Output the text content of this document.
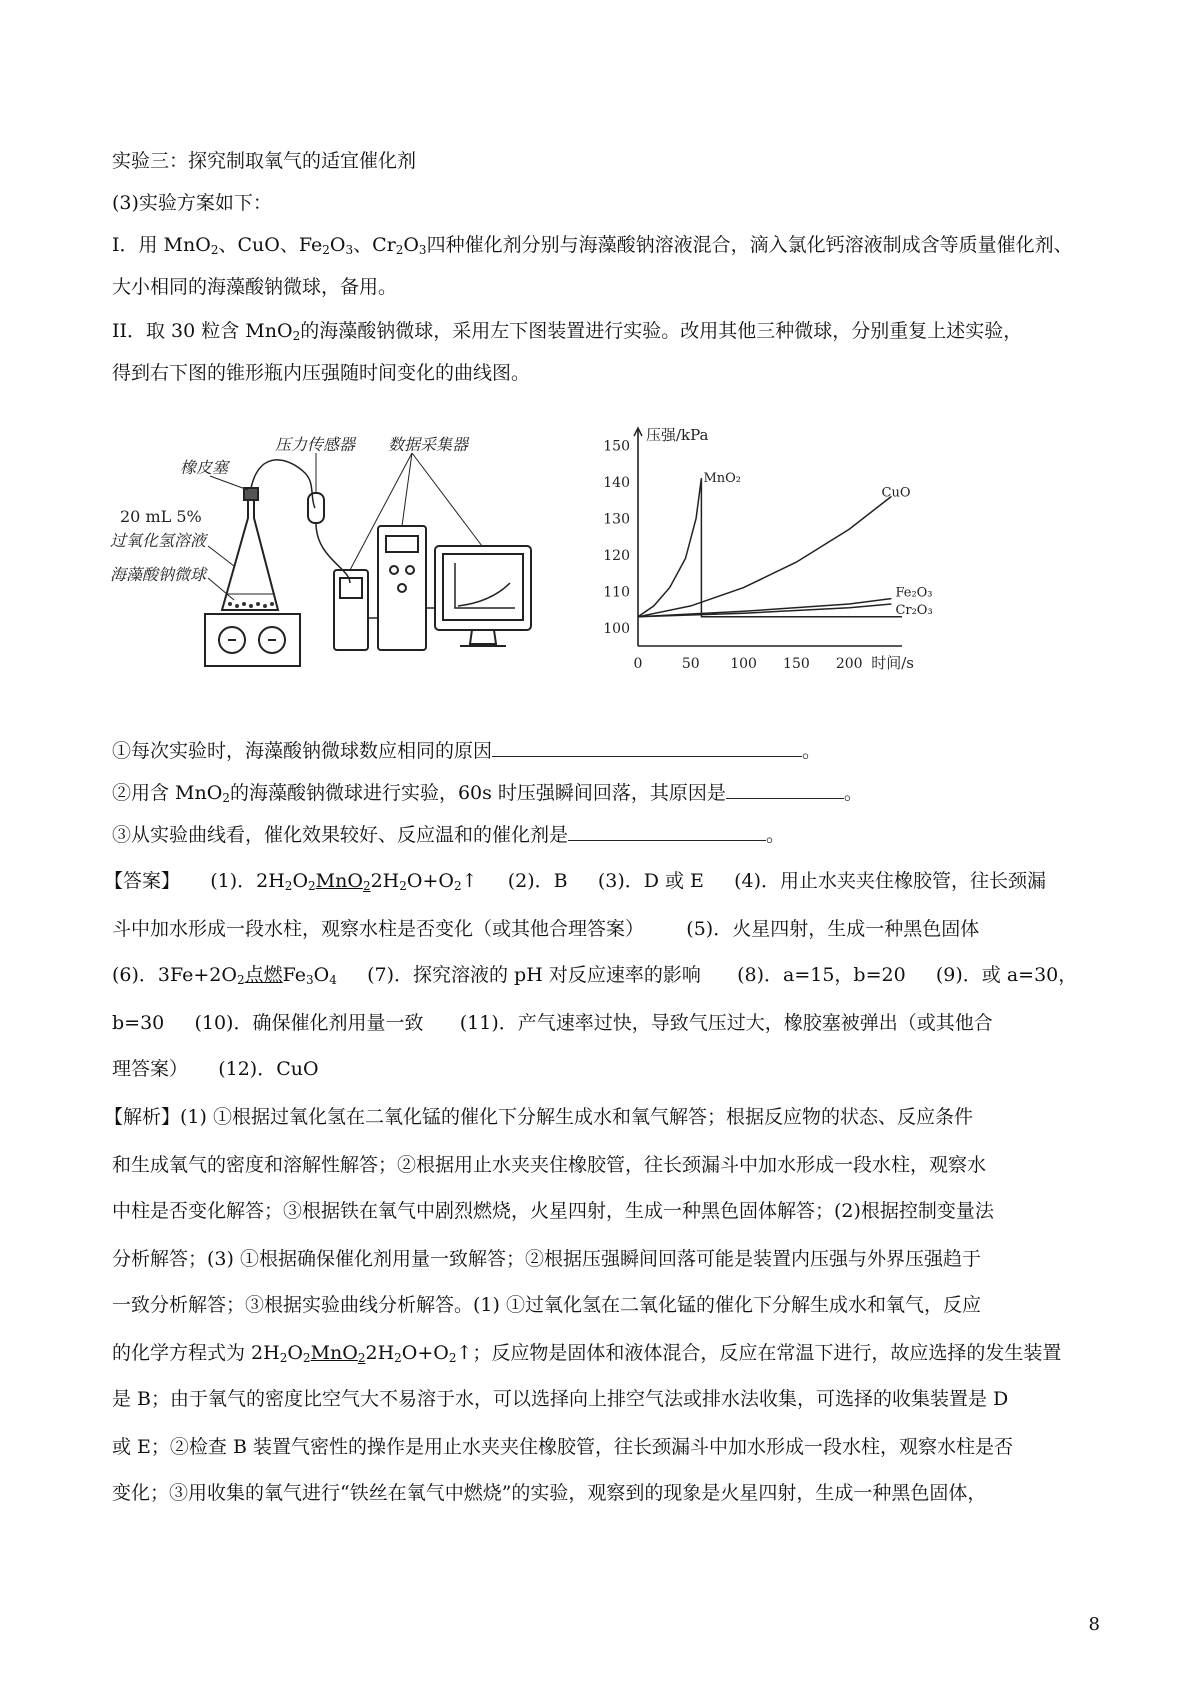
实验三：探究制取氧气的适宜催化剂
(3)实验方案如下：
I．用 MnO$_2$、CuO、$Fe_2O_3$、$Cr_2O_3$四种催化剂分别与海藻酸钠溶液混合，滴入氯化钙溶液制成含等质量催化剂、
大小相同的海藻酸钠微球，备用。
II．取 30 粒含 MnO$_2$的海藻酸钠微球，采用左下图装置进行实验。改用其他三种微球，分别重复上述实验，
得到右下图的锥形瓶内压强随时间变化的曲线图。
压力传感器 数据采集器
橡皮塞
20 mL 5%
过氧化氢溶液
海藻酸钠微球
100
110
120
130
140
150
0	50 100 150 200
压强/kPa
时间/s
MnO₂
CuO
Fe₂O₃
Cr₂O₃
①每次实验时，海藻酸钠微球数应相同的原因	。
②用含 MnO$_2$的海藻酸钠微球进行实验，60s 时压强瞬间回落，其原因是	。
③从实验曲线看，催化效果较好、反应温和的催化剂是	。
【答案】 (1)．$2H_2O_2MnO_22H_2O+O_2↑$ (2)．B (3)．D 或 E (4)．用止水夹夹住橡胶管，往长颈漏
斗中加水形成一段水柱，观察水柱是否变化（或其他合理答案） (5)．火星四射，生成一种黑色固体
(6)．$3Fe+2O_2$点燃$Fe_3O_4$ (7)．探究溶液的 pH 对反应速率的影响 (8)．a=15，b=20 (9)．或 a=30，
b=30 (10)．确保催化剂用量一致 (11)．产气速率过快，导致气压过大，橡胶塞被弹出（或其他合
理答案） (12)．CuO
【解析】(1) ①根据过氧化氢在二氧化锰的催化下分解生成水和氧气解答；根据反应物的状态、反应条件
和生成氧气的密度和溶解性解答；②根据用止水夹夹住橡胶管，往长颈漏斗中加水形成一段水柱，观察水
中柱是否变化解答；③根据铁在氧气中剧烈燃烧，火星四射，生成一种黑色固体解答；(2)根据控制变量法
分析解答；(3) ①根据确保催化剂用量一致解答；②根据压强瞬间回落可能是装置内压强与外界压强趋于
一致分析解答；③根据实验曲线分析解答。(1) ①过氧化氢在二氧化锰的催化下分解生成水和氧气，反应
的化学方程式为 $2H_2O_2MnO_22H_2O+O_2↑$；反应物是固体和液体混合，反应在常温下进行，故应选择的发生装置
是 B；由于氧气的密度比空气大不易溶于水，可以选择向上排空气法或排水法收集，可选择的收集装置是 D
或 E；②检查 B 装置气密性的操作是用止水夹夹住橡胶管，往长颈漏斗中加水形成一段水柱，观察水柱是否
变化；③用收集的氧气进行“铁丝在氧气中燃烧”的实验，观察到的现象是火星四射，生成一种黑色固体，
8
